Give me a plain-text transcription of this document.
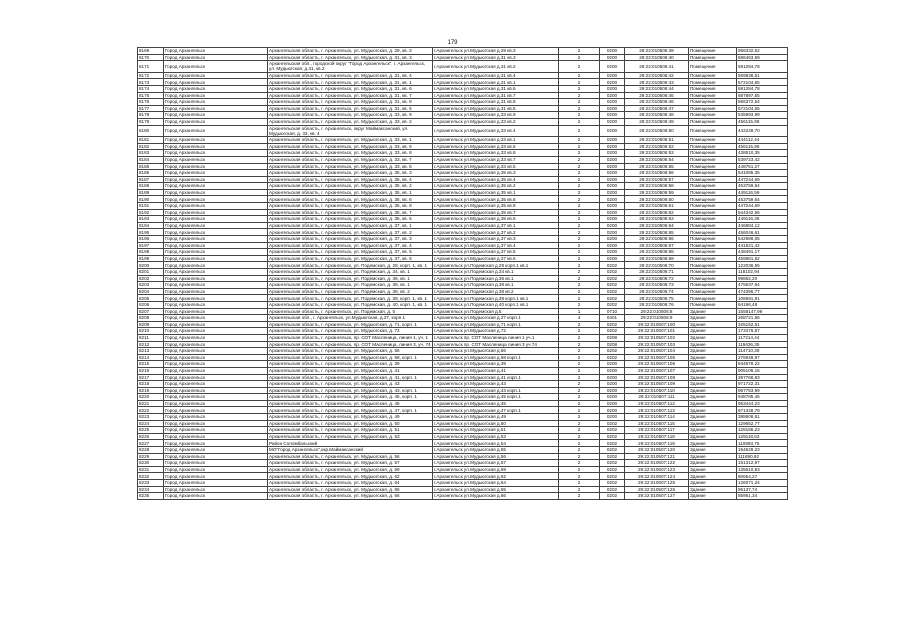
179
8169	Город Архангельск	Архангельская область, г. Архангельск, ул. Мудьюгская, д. 29, кв. 3	г.Архангельск ул.Мудьюгская д.29 кв.3	2	0200	29:22:010506:39	Помещение	956332,52
8170	Город Архангельск	Архангельская область, г. Архангельск, ул. Мудьюгская, д. 31, кв. 3	г.Архангельск ул.Мудьюгская д.31 кв.3	2	0200	29:22:010506:40	Помещение	686463,59
8171	Город Архангельск	Архангельская обл., городской округ "Город Архангельск", г. Архангельск, ул. Мудьюгская, д.31, кв.2	г.Архангельск ул.Мудьюгская д.31 кв.2	2	0200	29:22:010506:41	Помещение	581284,78
8172	Город Архангельск	Архангельская область, г. Архангельск, ул. Мудьюгская, д. 31, кв. 4	г.Архангельск ул.Мудьюгская д.31 кв.4	2	0200	29:22:010506:42	Помещение	569838,51
8173	Город Архангельск	Архангельская область, г. Архангельск, ул. Мудьюгская, д. 31, кв. 1	г.Архангельск ул.Мудьюгская д.31 кв.1	2	0200	29:22:010506:43	Помещение	572104,55
8174	Город Архангельск	Архангельская область, г. Архангельск, ул. Мудьюгская, д. 31, кв. 6	г.Архангельск ул.Мудьюгская д.31 кв.6	2	0200	29:22:010506:44	Помещение	681284,78
8175	Город Архангельск	Архангельская область, г. Архангельск, ул. Мудьюгская, д. 31, кв. 7	г.Архангельск ул.Мудьюгская д.31 кв.7	2	0200	29:22:010506:45	Помещение	687897,55
8176	Город Архангельск	Архангельская область, г. Архангельск, ул. Мудьюгская, д. 31, кв. 8	г.Архангельск ул.Мудьюгская д.31 кв.8	2	0200	29:22:010506:46	Помещение	566372,54
8177	Город Архангельск	Архангельская область, г. Архангельск, ул. Мудьюгская, д. 31, кв. 5	г.Архангельск ул.Мудьюгская д.31 кв.5	2	0200	29:22:010506:47	Помещение	572104,55
8178	Город Архангельск	Архангельская область, г. Архангельск, ул. Мудьюгская, д. 33, кв. 9	г.Архангельск ул.Мудьюгская д.33 кв.9	2	0200	29:22:010506:48	Помещение	535993,99
8179	Город Архангельск	Архангельская область, г. Архангельск, ул. Мудьюгская, д. 33, кв. 2	г.Архангельск ул.Мудьюгская д.33 кв.2	2	0200	29:22:010506:49	Помещение	456115,98
8180	Город Архангельск	Архангельская область, г. Архангельск, округ Маймаксанский, ул. Мудьюгская, д. 33, кв. 4	г.Архангельск ул.Мудьюгская д.33 кв.4	2	0200	29:22:010506:50	Помещение	442249,70
8181	Город Архангельск	Архангельская область, г. Архангельск, ул. Мудьюгская, д. 33, кв. 1	г.Архангельск ул.Мудьюгская д.33 кв.1	2	0200	29:22:010506:51	Помещение	444112,44
8182	Город Архангельск	Архангельская область, г. Архангельск, ул. Мудьюгская, д. 33, кв. 6	г.Архангельск ул.Мудьюгская д.33 кв.6	2	0200	29:22:010506:52	Помещение	456115,98
8183	Город Архангельск	Архангельская область, г. Архангельск, ул. Мудьюгская, д. 33, кв. 8	г.Архангельск ул.Мудьюгская д.33 кв.8	2	0200	29:22:010506:53	Помещение	438510,35
8184	Город Архангельск	Архангельская область, г. Архангельск, ул. Мудьюгская, д. 33, кв. 7	г.Архангельск ул.Мудьюгская д.33 кв.7	2	0200	29:22:010506:54	Помещение	539723,42
8185	Город Архангельск	Архангельская область, г. Архангельск, ул. Мудьюгская, д. 33, кв. 5	г.Архангельск ул.Мудьюгская д.33 кв.5	2	0200	29:22:010506:55	Помещение	448751,27
8186	Город Архангельск	Архангельская область, г. Архангельск, ул. Мудьюгская, д. 35, кв. 3	г.Архангельск ул.Мудьюгская д.35 кв.3	2	0200	29:22:010506:56	Помещение	541085,35
8187	Город Архангельск	Архангельская область, г. Архангельск, ул. Мудьюгская, д. 35, кв. 4	г.Архангельск ул.Мудьюгская д.35 кв.4	2	0200	29:22:010506:57	Помещение	447244,69
8188	Город Архангельск	Архангельская область, г. Архангельск, ул. Мудьюгская, д. 35, кв. 2	г.Архангельск ул.Мудьюгская д.35 кв.2	2	0200	29:22:010506:58	Помещение	453759,64
8189	Город Архангельск	Архангельская область, г. Архангельск, ул. Мудьюгская, д. 35, кв. 1	г.Архангельск ул.Мудьюгская д.35 кв.1	2	0200	29:22:010506:59	Помещение	449116,59
8190	Город Архангельск	Архангельская область, г. Архангельск, ул. Мудьюгская, д. 35, кв. 6	г.Архангельск ул.Мудьюгская д.35 кв.6	2	0200	29:22:010506:60	Помещение	453759,64
8191	Город Архангельск	Архангельская область, г. Архангельск, ул. Мудьюгская, д. 35, кв. 8	г.Архангельск ул.Мудьюгская д.35 кв.8	2	0200	29:22:010506:61	Помещение	447244,69
8192	Город Архангельск	Архангельская область, г. Архангельск, ул. Мудьюгская, д. 35, кв. 7	г.Архангельск ул.Мудьюгская д.35 кв.7	2	0200	29:22:010506:62	Помещение	544342,55
8193	Город Архангельск	Архангельская область, г. Архангельск, ул. Мудьюгская, д. 35, кв. 5	г.Архангельск ул.Мудьюгская д.35 кв.5	2	0200	29:22:010506:63	Помещение	449116,35
8194	Город Архангельск	Архангельская область, г. Архангельск, ул. Мудьюгская, д. 37, кв. 1	г.Архангельск ул.Мудьюгская д.37 кв.1	2	0200	29:22:010506:64	Помещение	446884,12
8195	Город Архангельск	Архангельская область, г. Архангельск, ул. Мудьюгская, д. 37, кв. 2	г.Архангельск ул.Мудьюгская д.37 кв.2	2	0200	29:22:010506:65	Помещение	456046,61
8196	Город Архангельск	Архангельская область, г. Архангельск, ул. Мудьюгская, д. 37, кв. 3	г.Архангельск ул.Мудьюгская д.37 кв.3	2	0200	29:22:010506:66	Помещение	542986,05
8197	Город Архангельск	Архангельская область, г. Архангельск, ул. Мудьюгская, д. 37, кв. 4	г.Архангельск ул.Мудьюгская д.37 кв.4	2	0200	29:22:010506:67	Помещение	441821,42
8198	Город Архангельск	Архангельская область, г. Архангельск, ул. Мудьюгская, д. 37, кв. 5	г.Архангельск ул.Мудьюгская д.37 кв.5	2	0200	29:22:010506:68	Помещение	448491,17
8199	Город Архангельск	Архангельская область, г. Архангельск, ул. Мудьюгская, д. 37, кв. 6	г.Архангельск ул.Мудьюгская д.37 кв.6	2	0200	29:22:010506:69	Помещение	459861,62
8200	Город Архангельск	Архангельская область, г. Архангельск, ул. Подемская, д. 28, корп. 1, кв. 1	г.Архангельск ул.Подемская д.28 корп.1 кв.1	2	0202	29:22:010506:70	Помещение	122036,55
8201	Город Архангельск	Архангельская область, г. Архангельск, ул. Подемская, д. 34, кв. 1	г.Архангельск ул.Подемская д.34 кв.1	2	0202	29:22:010506:71	Помещение	118102,94
8202	Город Архангельск	Архангельская область, г. Архангельск, ул. Подемская, д. 36, кв. 1	г.Архангельск ул.Подемская д.36 кв.1	2	0202	29:22:010506:72	Помещение	99862,20
8203	Город Архангельск	Архангельская область, г. Архангельск, ул. Подемская, д. 38, кв. 1	г.Архангельск ул.Подемская д.38 кв.1	2	0202	29:22:010506:73	Помещение	475637,64
8204	Город Архангельск	Архангельская область, г. Архангельск, ул. Подемская, д. 38, кв. 2	г.Архангельск ул.Подемская д.38 кв.2	2	0202	29:22:010506:74	Помещение	474396,77
8205	Город Архангельск	Архангельская область, г. Архангельск, ул. Подемская, д. 38, корп. 1, кв. 1	г.Архангельск ул.Подемская д.38 корп.1 кв.1	2	0202	29:22:010506:75	Помещение	108691,91
8206	Город Архангельск	Архангельская область, г. Архангельск, ул. Подемская, д. 40, корп. 1, кв. 1	г.Архангельск ул.Подемская д.40 корп.1 кв.1	2	0202	29:22:010506:76	Помещение	94196,48
8207	Город Архангельск	Архангельская область, г. Архангельск, ул. Подемская, д. 5	г.Архангельск ул.Подемская д.5	1	0710	29:22:010506:8	Здание	1558147,96
8208	Город Архангельск	Архангельская обл., г. Архангельск, ул.Мудьюгская, д.27, корп.1	г.Архангельск ул.Мудьюгская д.27 корп.1	4	0401	29:22:010506:9	Здание	268721,66
8209	Город Архангельск	Архангельская область, г. Архангельск, ул. Мудьюгская, д. 71, корп. 1	г.Архангельск ул.Мудьюгская д.71 корп.1	2	0202	29:22:010507:100	Здание	325152,51
8210	Город Архангельск	Архангельская область, г. Архангельск, ул. Мудьюгская, д. 72	г.Архангельск ул.Мудьюгская д.72	2	0202	29:22:010507:101	Здание	173476,57
8211	Город Архангельск	Архангельская область, г. Архангельск, пр. СОТ Масленица, линия 1, уч. 1	г.Архангельск пр. СОТ Масленица линия 1 уч.1	2	0208	29:22:010507:102	Здание	117214,44
8212	Город Архангельск	Архангельская область, г. Архангельск, пр. СОТ Масленица, линия 3, уч. 74	г.Архангельск пр. СОТ Масленица линия 3 уч.74	2	0208	29:22:010507:103	Здание	115636,35
8213	Город Архангельск	Архангельская область, г. Архангельск, ул. Мудьюгская, д. 56	г.Архангельск ул.Мудьюгская д.56	2	0202	29:22:010507:104	Здание	114710,39
8214	Город Архангельск	Архангельская область, г. Архангельск, ул. Мудьюгская, д. 58, корп. 1	г.Архангельск ул.Мудьюгская д.58 корп.1	2	0202	29:22:010507:105	Здание	276949,97
8215	Город Архангельск	Архангельская область, г. Архангельск, ул. Мудьюгская, д. 39	г.Архангельск ул.Мудьюгская д.39	2	0200	29:22:010507:106	Здание	944678,22
8216	Город Архангельск	Архангельская область, г. Архангельск, ул. Мудьюгская, д. 41	г.Архангельск ул.Мудьюгская д.41	2	0200	29:22:010507:107	Здание	905106,15
8217	Город Архангельск	Архангельская область, г. Архангельск, ул. Мудьюгская, д. 41, корп. 1	г.Архангельск ул.Мудьюгская д.41 корп.1	2	0200	29:22:010507:108	Здание	397768,83
8218	Город Архангельск	Архангельская область, г. Архангельск, ул. Мудьюгская, д. 43	г.Архангельск ул.Мудьюгская д.43	2	0200	29:22:010507:109	Здание	971722,31
8219	Город Архангельск	Архангельская область, г. Архангельск, ул. Мудьюгская, д. 43, корп. 1	г.Архангельск ул.Мудьюгская д.43 корп.1	2	0200	29:22:010507:110	Здание	967753,99
8220	Город Архангельск	Архангельская область, г. Архангельск, ул. Мудьюгская, д. 45, корп. 1	г.Архангельск ул.Мудьюгская д.45 корп.1	2	0200	29:22:010507:111	Здание	948785,45
8221	Город Архангельск	Архангельская область, г. Архангельск, ул. Мудьюгская, д. 45	г.Архангельск ул.Мудьюгская д.45	2	0200	29:22:010507:112	Здание	953444,23
8222	Город Архангельск	Архангельская область, г. Архангельск, ул. Мудьюгская, д. 47, корп. 1	г.Архангельск ул.Мудьюгская д.47 корп.1	2	0200	29:22:010507:113	Здание	971348,79
8223	Город Архангельск	Архангельская область, г. Архангельск, ул. Мудьюгская, д. 49	г.Архангельск ул.Мудьюгская д.49	2	0200	29:22:010507:114	Здание	388606,61
8224	Город Архангельск	Архангельская область, г. Архангельск, ул. Мудьюгская, д. 50	г.Архангельск ул.Мудьюгская д.50	2	0202	29:22:010507:115	Здание	129652,77
8225	Город Архангельск	Архангельская область, г. Архангельск, ул. Мудьюгская, д. 51	г.Архангельск ул.Мудьюгская д.51	2	0202	29:22:010507:117	Здание	128186,23
8226	Город Архангельск	Архангельская область, г. Архангельск, ул. Мудьюгская, д. 53	г.Архангельск ул.Мудьюгская д.53	2	0202	29:22:010507:118	Здание	129118,63
8227	Город Архангельск	Район Соломбальский	г.Архангельск ул.Мудьюгская д.54	2	0202	29:22:010507:119	Здание	110893,75
8228	Город Архангельск	МО"Город Архангельск",окр.Маймаксанский	г.Архангельск ул.Мудьюгская д.55	2	0202	29:22:010507:120	Здание	154629,23
8229	Город Архангельск	Архангельская область, г. Архангельск, ул. Мудьюгская, д. 56	г.Архангельск ул.Мудьюгская д.56	2	0202	29:22:010507:121	Здание	111890,92
8230	Город Архангельск	Архангельская область, г. Архангельск, ул. Мудьюгская, д. 57	г.Архангельск ул.Мудьюгская д.57	2	0202	29:22:010507:122	Здание	151312,97
8231	Город Архангельск	Архангельская область, г. Архангельск, ул. Мудьюгская, д. 59	г.Архангельск ул.Мудьюгская д.59	2	0202	29:22:010507:123	Здание	135610,93
8232	Город Архангельск	Архангельская область, г. Архангельск, ул. Мудьюгская, д. 62	г.Архангельск ул.Мудьюгская д.62	2	0202	29:22:010507:124	Здание	80654,27
8233	Город Архангельск	Архангельская область, г. Архангельск, ул. Мудьюгская, д. 64	г.Архангельск ул.Мудьюгская д.64	2	0202	29:22:010507:125	Здание	126071,24
8234	Город Архангельск	Архангельская область, г. Архангельск, ул. Мудьюгская, д. 65	г.Архангельск ул.Мудьюгская д.65	2	0202	29:22:010507:126	Здание	96137,74
8235	Город Архангельск	Архангельская область, г. Архангельск, ул. Мудьюгская, д. 66	г.Архангельск ул.Мудьюгская д.66	2	0202	29:22:010507:127	Здание	85961,34
